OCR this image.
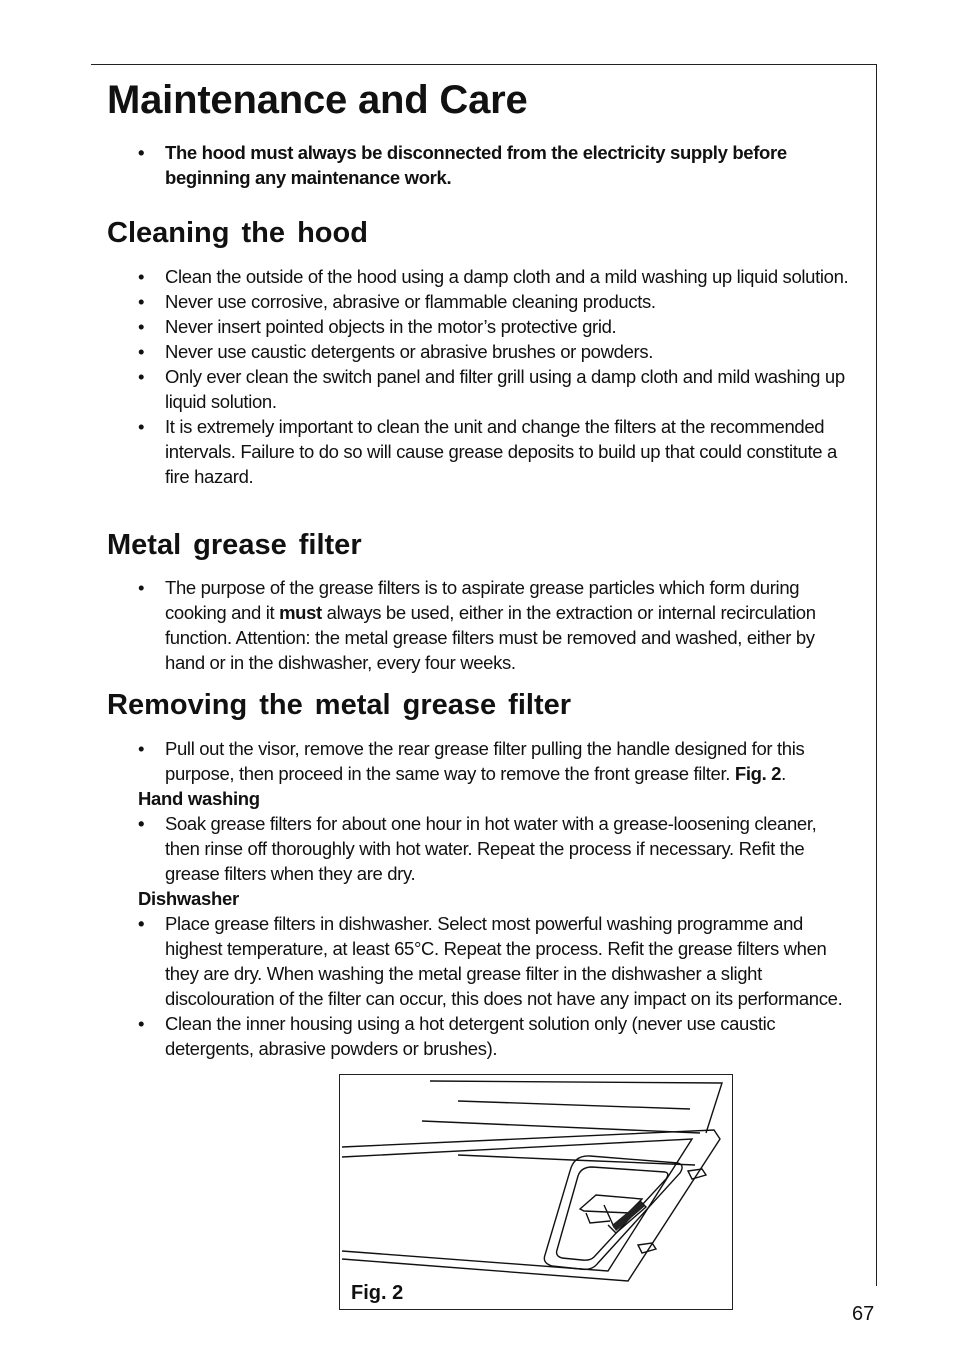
Maintenance and Care
• The hood must always be disconnected from the electricity supply before beginning any maintenance work.
Cleaning the hood
• Clean the outside of the hood using a damp cloth and a mild washing up liquid solution.
• Never use corrosive, abrasive or flammable cleaning products.
• Never insert pointed objects in the motor’s protective grid.
• Never use caustic detergents or abrasive brushes or powders.
• Only ever clean the switch panel and filter grill using a damp cloth and mild washing up liquid solution.
• It is extremely important to clean the unit and change the filters at the recommended intervals. Failure to do so will cause grease deposits to build up that could constitute a fire hazard.
Metal grease filter
• The purpose of the grease filters is to aspirate grease particles which form during cooking and it must always be used, either in the extraction or internal recirculation function. Attention: the metal grease filters must be removed and washed, either by hand or in the dishwasher, every four weeks.
Removing the metal grease filter
• Pull out the visor, remove the rear grease filter pulling the handle designed for this purpose, then proceed in the same way to remove the front grease filter. Fig. 2.
Hand washing
• Soak grease filters for about one hour in hot water with a grease-loosening cleaner, then rinse off thoroughly with hot water. Repeat the process if necessary. Refit the grease filters when they are dry.
Dishwasher
• Place grease filters in dishwasher. Select most powerful washing programme and highest temperature, at least 65°C. Repeat the process. Refit the grease filters when they are dry. When washing the metal grease filter in the dishwasher a slight discolouration of the filter can occur, this does not have any impact on its performance.
• Clean the inner housing using a hot detergent solution only (never use caustic detergents, abrasive powders or brushes).
Fig. 2
67
